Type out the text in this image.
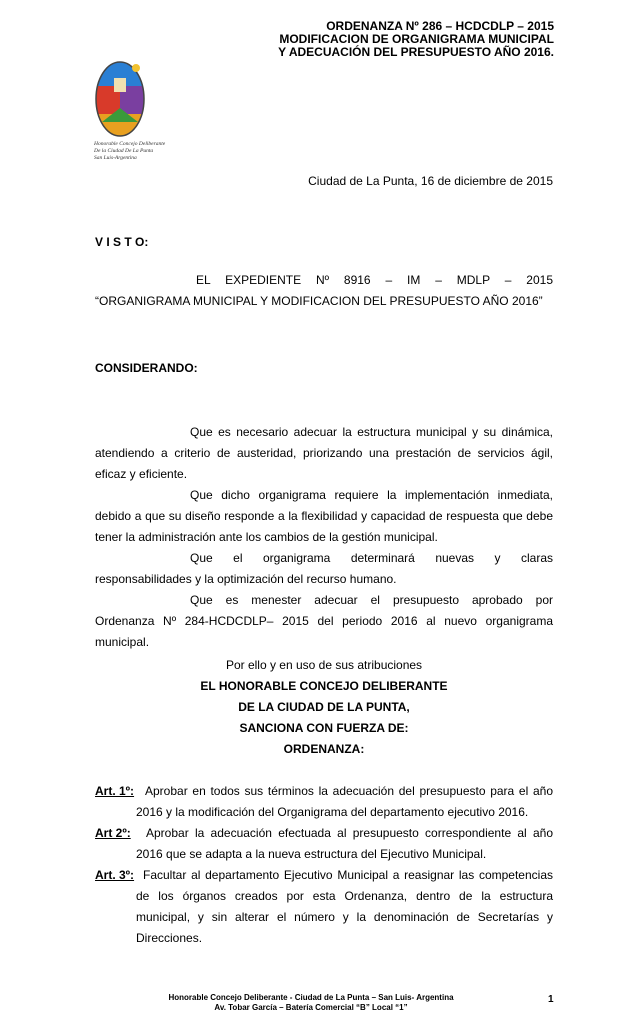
ORDENANZA Nº 286 – HCDCDLP – 2015
MODIFICACION DE ORGANIGRAMA MUNICIPAL
Y ADECUACIÓN DEL PRESUPUESTO AÑO 2016.
Honorable Concejo Deliberante
De la Ciudad De La Punta
San Luis-Argentina
Ciudad de La Punta, 16 de diciembre de 2015
V I S T O:
EL EXPEDIENTE Nº 8916 – IM – MDLP – 2015
“ORGANIGRAMA MUNICIPAL Y MODIFICACION DEL PRESUPUESTO AÑO 2016”
CONSIDERANDO:
Que es necesario adecuar la estructura municipal y su dinámica,
atendiendo a criterio de austeridad, priorizando una prestación de servicios ágil,
eficaz y eficiente.
Que dicho organigrama requiere la implementación inmediata,
debido a que su diseño responde a la flexibilidad y capacidad de respuesta que debe
tener la administración ante los cambios de la gestión municipal.
Que el organigrama determinará nuevas y claras
responsabilidades y la optimización del recurso humano.
Que es menester adecuar el presupuesto aprobado por
Ordenanza Nº 284-HCDCDLP– 2015 del periodo 2016 al nuevo organigrama
municipal.
Por ello y en uso de sus atribuciones
EL HONORABLE CONCEJO DELIBERANTE
DE LA CIUDAD DE LA PUNTA,
SANCIONA CON FUERZA DE:
ORDENANZA:
Art. 1º: Aprobar en todos sus términos la adecuación del presupuesto para el año
2016 y la modificación del Organigrama del departamento ejecutivo 2016.
Art 2º: Aprobar la adecuación efectuada al presupuesto correspondiente al año
2016 que se adapta a la nueva estructura del Ejecutivo Municipal.
Art. 3º: Facultar al departamento Ejecutivo Municipal a reasignar las competencias
de los órganos creados por esta Ordenanza, dentro de la estructura
municipal, y sin alterar el número y la denominación de Secretarías y
Direcciones.
Honorable Concejo Deliberante - Ciudad de La Punta – San Luis- Argentina
Av. Tobar García – Batería Comercial “B” Local “1”
1
